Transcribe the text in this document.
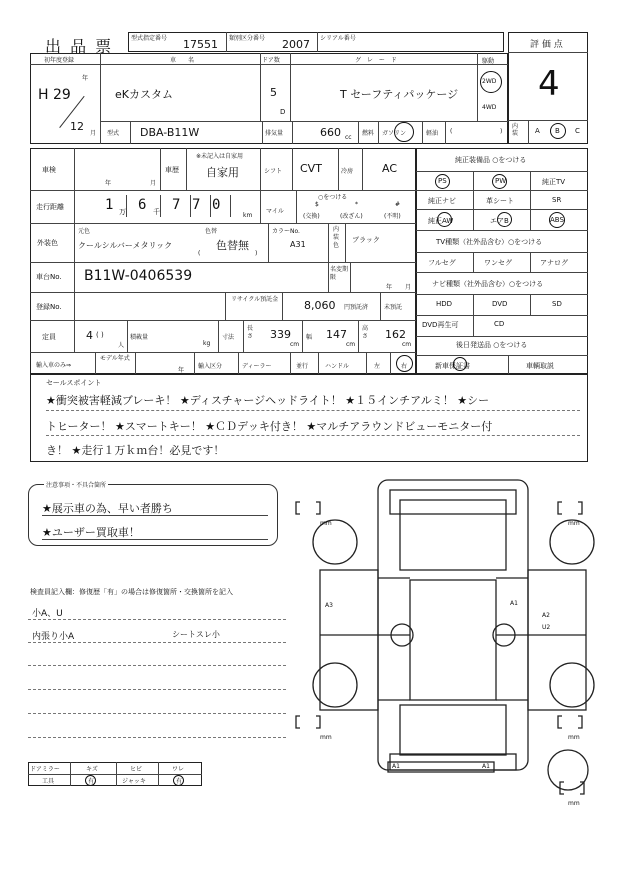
出 品 票	型式指定番号 17551 類別区分番号 2007 シリアル番号
評 価 点
4
内装	A B C
初年度登録
年
H 29
12
月
車　名
eKカスタム
ドア数
5
D
グ レ ー ド
T セーフティパッケージ
駆動
2WD
4WD
型式 DBA-B11W	排気量	660 cc
燃料 ガソリン	軽油 (	)
車検
年	月
車歴
※未記入は自家用
自家用	シフト CVT	冷房	AC
走行距離	1 万 6 千 7 7 0
km
マイル
○をつける
$
(交換)
*
(改ざん)
#
(不明)
外装色
元色
クールシルバーメタリック
色替
色替無
(	)
カラーNo.
A31
内装色
ブラック
車台No. B11W-0406539	名変期限
年 月
登録No.
リサイクル預託金 8,060 円預託済	未預託
定員	4 ( )
人
積載量
kg
寸法
長さ 339
cm
幅 147
cm
高さ 162
cm
輸入車のみ⇒
モデル年式
年
輸入区分	ディーラー	並行	ハンドル	左	右
純正装備品 ○をつける
PS	PW	純正TV
純正ナビ	革シート	SR
純正AW	エアB	ABS
TV種類（社外品含む）○をつける
フルセグ	ワンセグ	アナログ
ナビ種類（社外品含む）○をつける
HDD	DVD	SD
DVD再生可	CD
後日発送品 ○をつける
新車保証書	車輌取説
セールスポイント
★衝突被害軽減ブレーキ！ ★ディスチャージヘッドライト！ ★１５インチアルミ！ ★シー
トヒーター！ ★スマートキー！ ★ＣＤデッキ付き！ ★マルチアラウンドビューモニター付
き！ ★走行１万ｋｍ台！必見です！
注意事項・不具合箇所
★展示車の為、早い者勝ち
★ユーザー買取車！
検査員記入欄：修復歴「有」の場合は修復箇所・交換箇所を記入
小A、U
内張り小A	シートスレ小
ドアミラー	キズ	ヒビ	ワレ
工具	有	ジャッキ	有
mm	mm
mm	mm
mm
A3	A1
A2
U2
A1	A1
